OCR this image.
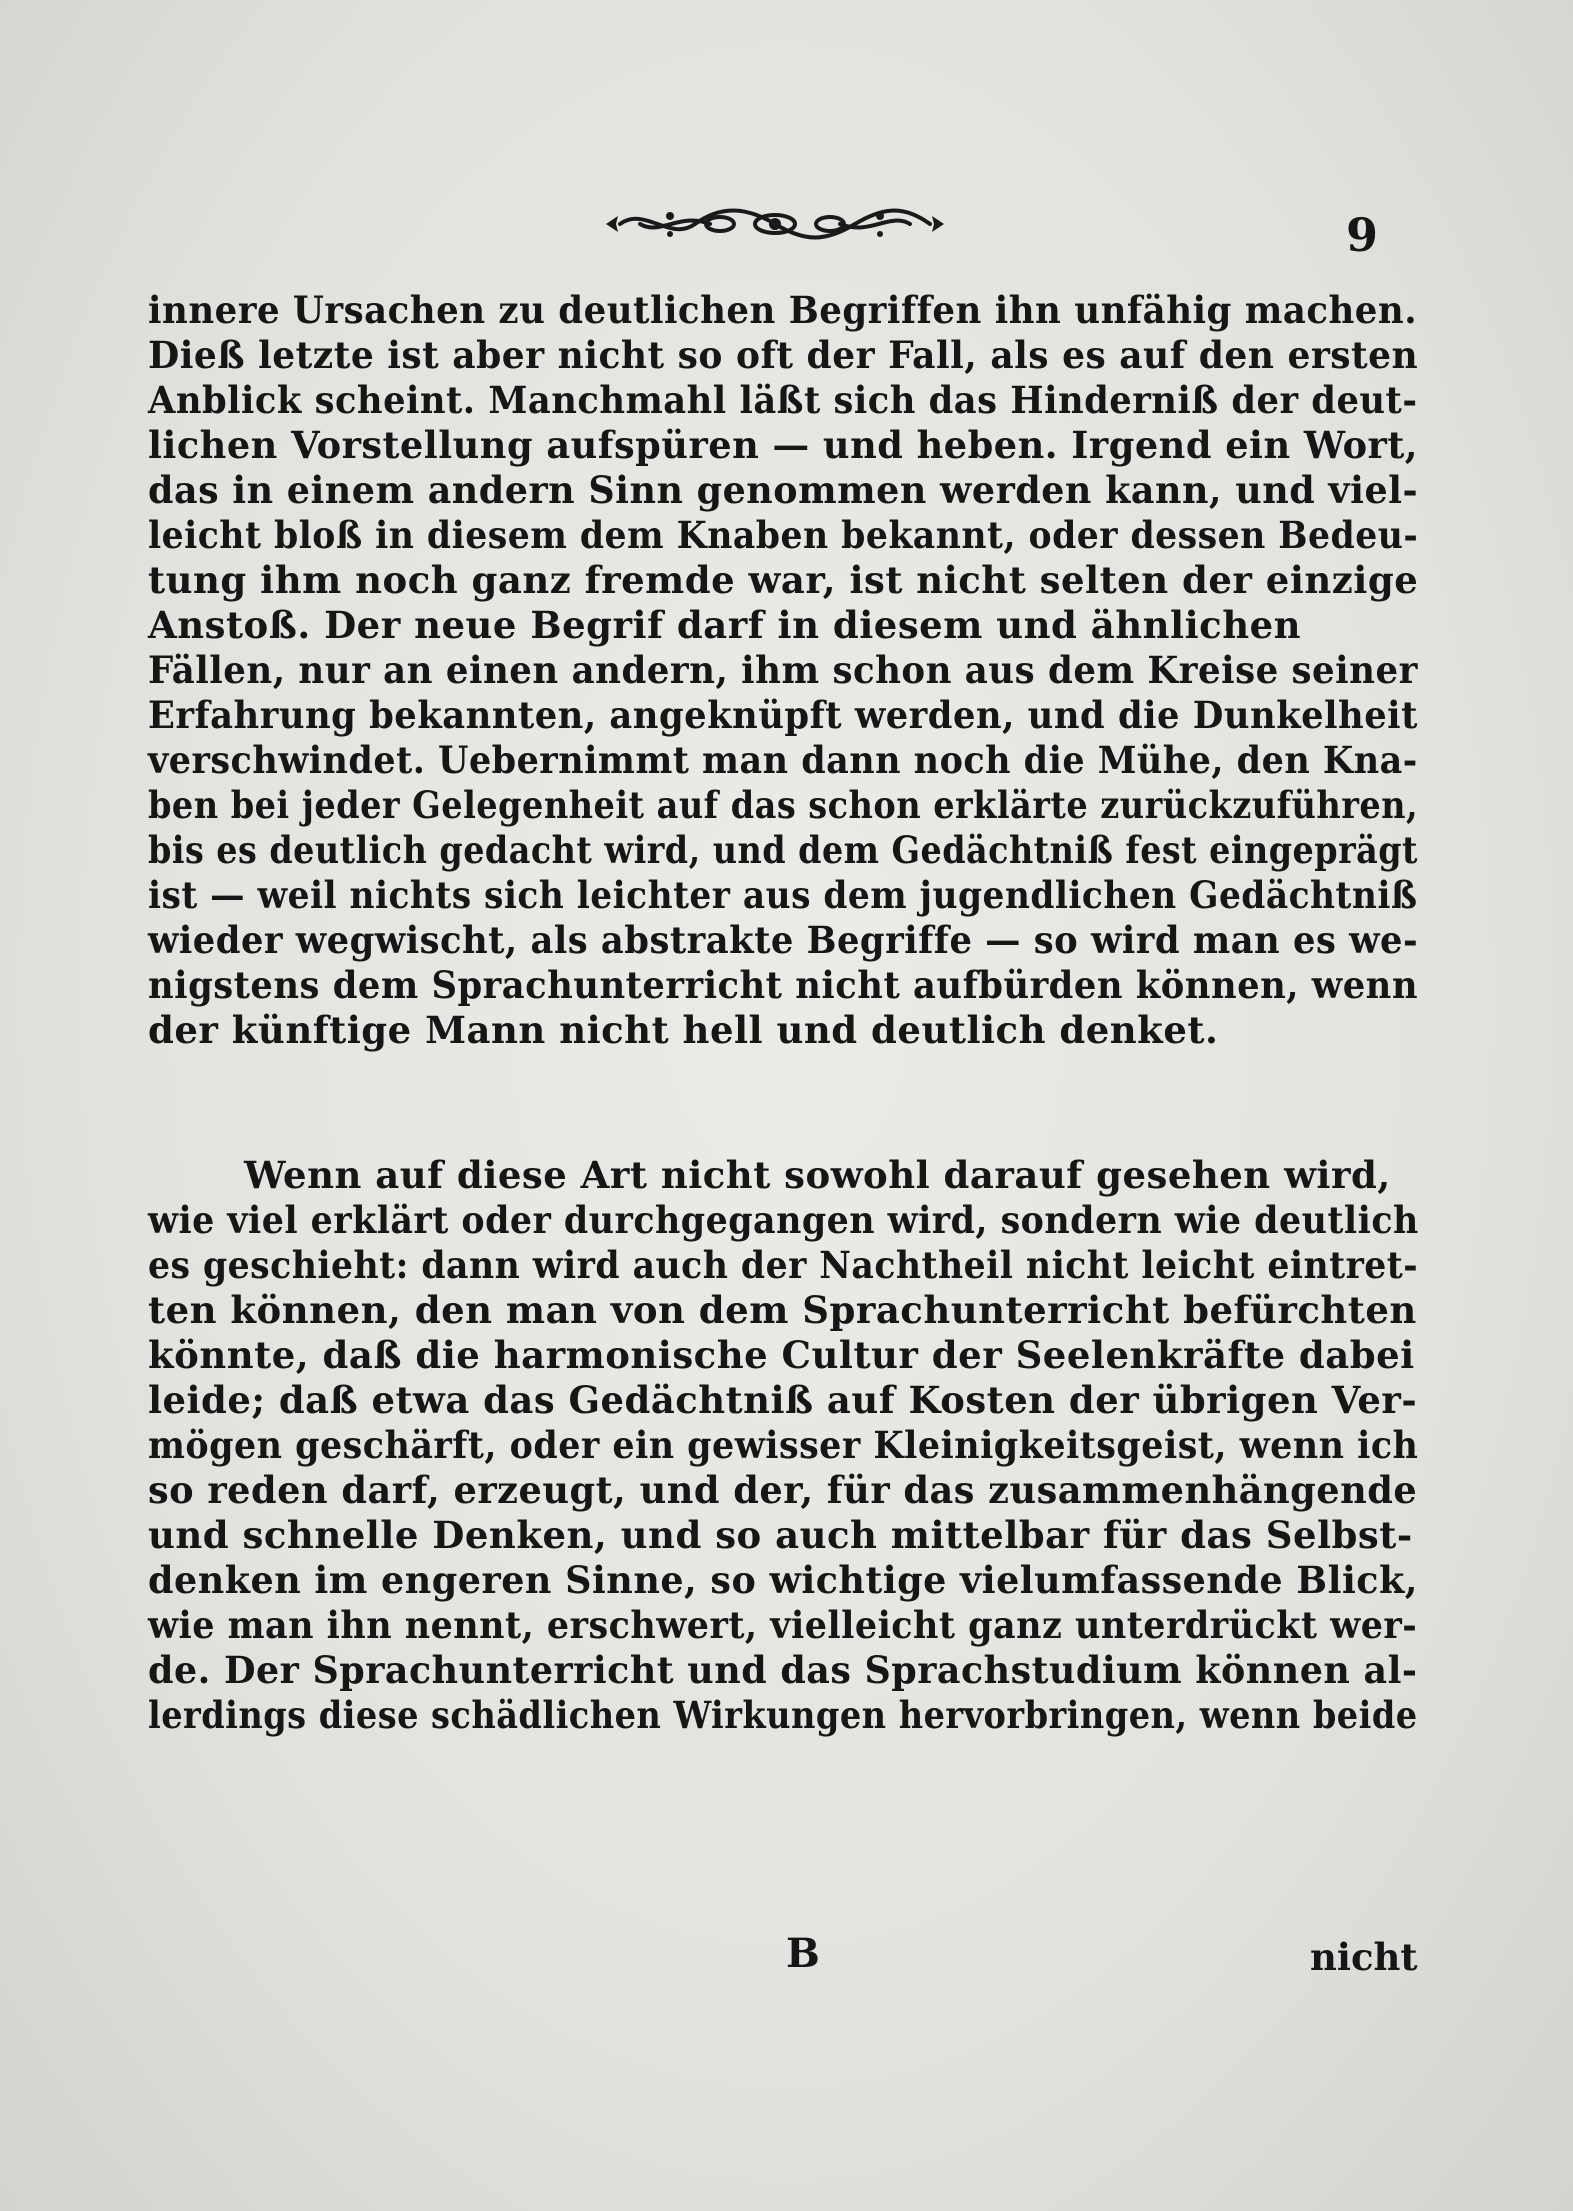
9
innere Ursachen zu deutlichen Begriffen ihn unfähig machen.
Dieß letzte ist aber nicht so oft der Fall, als es auf den ersten
Anblick scheint. Manchmahl läßt sich das Hinderniß der deut-
lichen Vorstellung aufspüren — und heben. Irgend ein Wort,
das in einem andern Sinn genommen werden kann, und viel-
leicht bloß in diesem dem Knaben bekannt, oder dessen Bedeu-
tung ihm noch ganz fremde war, ist nicht selten der einzige
Anstoß. Der neue Begrif darf in diesem und ähnlichen
Fällen, nur an einen andern, ihm schon aus dem Kreise seiner
Erfahrung bekannten, angeknüpft werden, und die Dunkelheit
verschwindet. Uebernimmt man dann noch die Mühe, den Kna-
ben bei jeder Gelegenheit auf das schon erklärte zurückzuführen,
bis es deutlich gedacht wird, und dem Gedächtniß fest eingeprägt
ist — weil nichts sich leichter aus dem jugendlichen Gedächtniß
wieder wegwischt, als abstrakte Begriffe — so wird man es we-
nigstens dem Sprachunterricht nicht aufbürden können, wenn
der künftige Mann nicht hell und deutlich denket.
Wenn auf diese Art nicht sowohl darauf gesehen wird,
wie viel erklärt oder durchgegangen wird, sondern wie deutlich
es geschieht: dann wird auch der Nachtheil nicht leicht eintret-
ten können, den man von dem Sprachunterricht befürchten
könnte, daß die harmonische Cultur der Seelenkräfte dabei
leide; daß etwa das Gedächtniß auf Kosten der übrigen Ver-
mögen geschärft, oder ein gewisser Kleinigkeitsgeist, wenn ich
so reden darf, erzeugt, und der, für das zusammenhängende
und schnelle Denken, und so auch mittelbar für das Selbst-
denken im engeren Sinne, so wichtige vielumfassende Blick,
wie man ihn nennt, erschwert, vielleicht ganz unterdrückt wer-
de. Der Sprachunterricht und das Sprachstudium können al-
lerdings diese schädlichen Wirkungen hervorbringen, wenn beide
B	nicht
